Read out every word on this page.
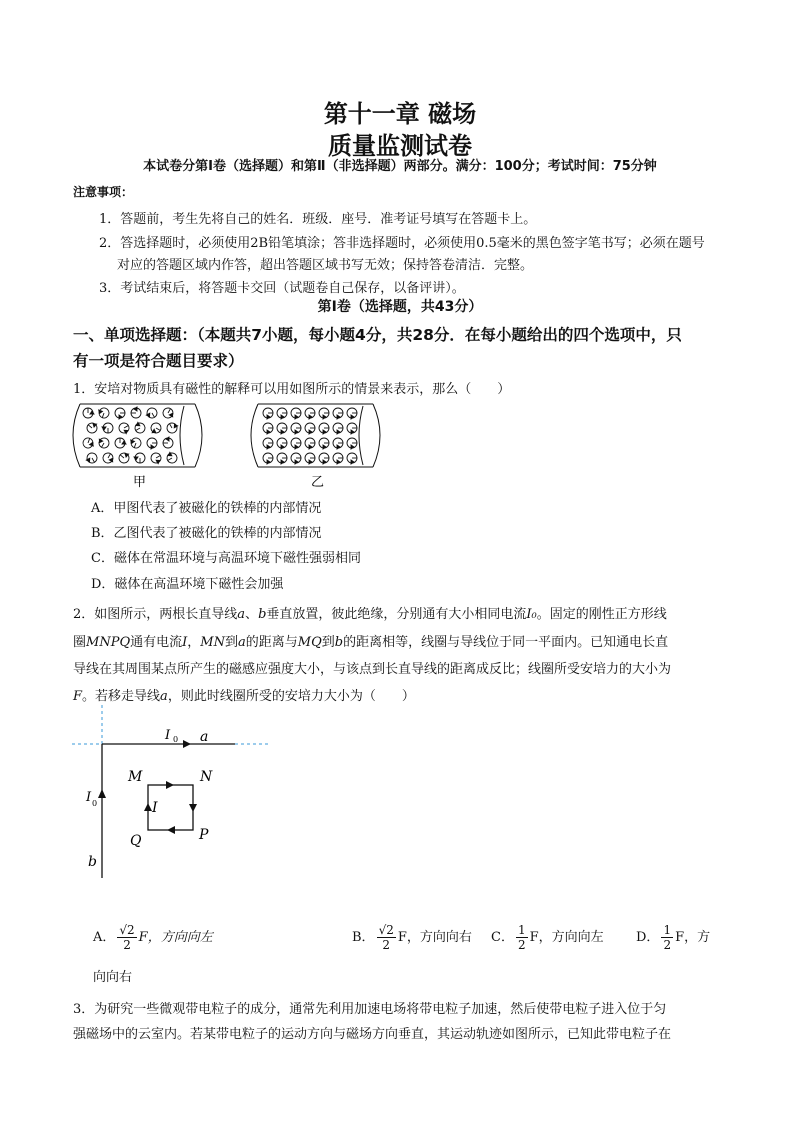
第十一章 磁场
质量监测试卷
本试卷分第Ⅰ卷（选择题）和第Ⅱ（非选择题）两部分。满分：100分；考试时间：75分钟
注意事项：
1．答题前，考生先将自己的姓名．班级．座号．准考证号填写在答题卡上。
2．答选择题时，必须使用2B铅笔填涂；答非选择题时，必须使用0.5毫米的黑色签字笔书写；必须在题号
对应的答题区域内作答，超出答题区域书写无效；保持答卷清洁．完整。
3．考试结束后，将答题卡交回（试题卷自己保存，以备评讲）。
第Ⅰ卷（选择题，共43分）
一、单项选择题：（本题共7小题，每小题4分，共28分．在每小题给出的四个选项中，只
有一项是符合题目要求）
1．安培对物质具有磁性的解释可以用如图所示的情景来表示，那么（　　）
甲	乙
A．甲图代表了被磁化的铁棒的内部情况
B．乙图代表了被磁化的铁棒的内部情况
C．磁体在常温环境与高温环境下磁性强弱相同
D．磁体在高温环境下磁性会加强
2．如图所示，两根长直导线a、b垂直放置，彼此绝缘，分别通有大小相同电流I₀。固定的刚性正方形线
圈MNPQ通有电流I，MN到a的距离与MQ到b的距离相等，线圈与导线位于同一平面内。已知通电长直
导线在其周围某点所产生的磁感应强度大小，与该点到长直导线的距离成反比；线圈所受安培力的大小为
F。若移走导线a，则此时线圈所受的安培力大小为（　　）
I 0 a
M	N
I
Q	P
I 0
b
A． $\frac{√2}{2}$ F，方向向左	B． $\frac{√2}{2}$ F，方向向右 C． $\frac{1}{2}$ F，方向向左 D． $\frac{1}{2}$ F，方
向向右
3．为研究一些微观带电粒子的成分，通常先利用加速电场将带电粒子加速，然后使带电粒子进入位于匀
强磁场中的云室内。若某带电粒子的运动方向与磁场方向垂直，其运动轨迹如图所示，已知此带电粒子在
